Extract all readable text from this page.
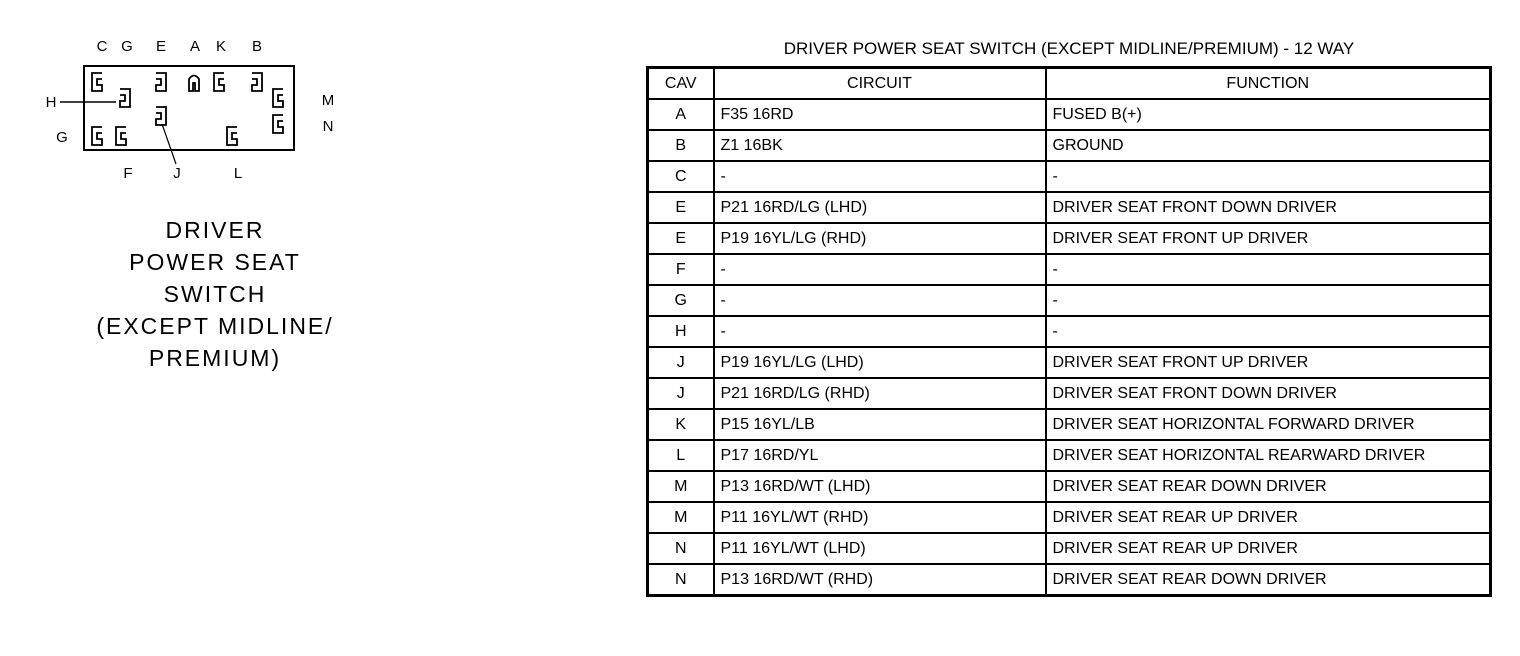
C G E A K B
H
G
M
N
F	J	L
DRIVER
POWER SEAT
SWITCH
(EXCEPT MIDLINE/
PREMIUM)
DRIVER POWER SEAT SWITCH (EXCEPT MIDLINE/PREMIUM) - 12 WAY
CAV	CIRCUIT	FUNCTION
A	F35 16RD	FUSED B(+)
B	Z1 16BK	GROUND
C	-	-
E	P21 16RD/LG (LHD)	DRIVER SEAT FRONT DOWN DRIVER
E	P19 16YL/LG (RHD)	DRIVER SEAT FRONT UP DRIVER
F	-	-
G	-	-
H	-	-
J	P19 16YL/LG (LHD)	DRIVER SEAT FRONT UP DRIVER
J	P21 16RD/LG (RHD)	DRIVER SEAT FRONT DOWN DRIVER
K	P15 16YL/LB	DRIVER SEAT HORIZONTAL FORWARD DRIVER
L	P17 16RD/YL	DRIVER SEAT HORIZONTAL REARWARD DRIVER
M	P13 16RD/WT (LHD)	DRIVER SEAT REAR DOWN DRIVER
M	P11 16YL/WT (RHD)	DRIVER SEAT REAR UP DRIVER
N	P11 16YL/WT (LHD)	DRIVER SEAT REAR UP DRIVER
N	P13 16RD/WT (RHD)	DRIVER SEAT REAR DOWN DRIVER
